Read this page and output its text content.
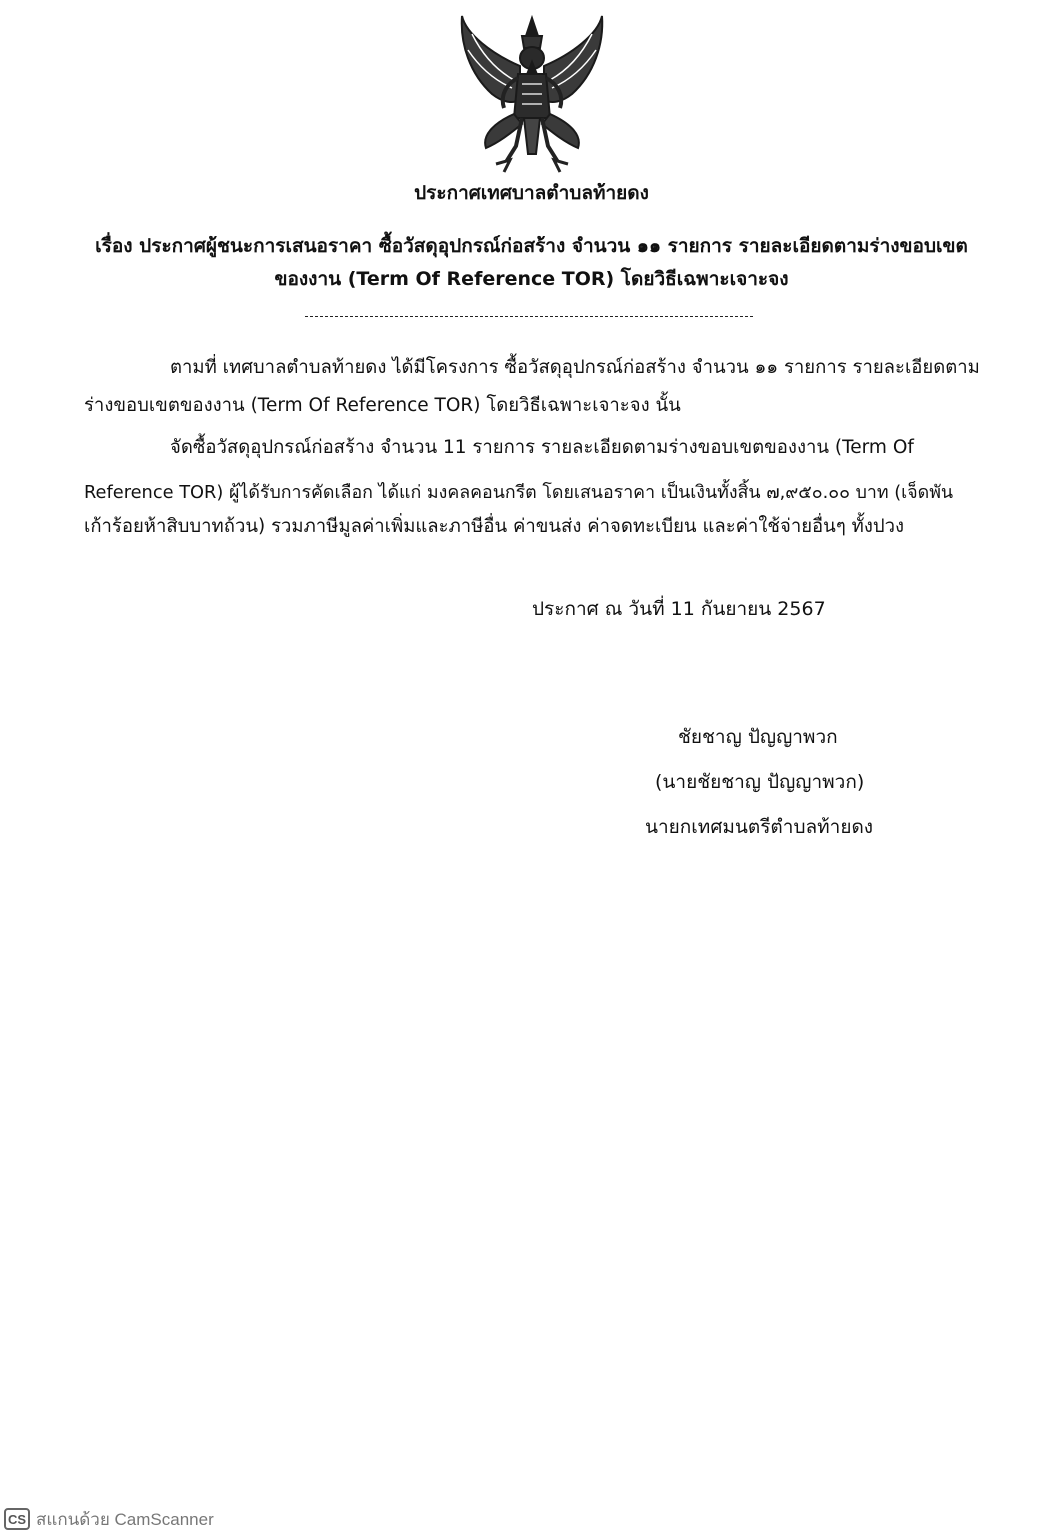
ประกาศเทศบาลตำบลท้ายดง
เรื่อง ประกาศผู้ชนะการเสนอราคา ซื้อวัสดุอุปกรณ์ก่อสร้าง จำนวน ๑๑ รายการ รายละเอียดตามร่างขอบเขต
ของงาน (Term Of Reference TOR) โดยวิธีเฉพาะเจาะจง
ตามที่ เทศบาลตำบลท้ายดง ได้มีโครงการ ซื้อวัสดุอุปกรณ์ก่อสร้าง จำนวน ๑๑ รายการ รายละเอียดตาม
ร่างขอบเขตของงาน (Term Of Reference TOR) โดยวิธีเฉพาะเจาะจง นั้น
จัดซื้อวัสดุอุปกรณ์ก่อสร้าง จำนวน 11 รายการ รายละเอียดตามร่างขอบเขตของงาน (Term Of
Reference TOR) ผู้ได้รับการคัดเลือก ได้แก่ มงคลคอนกรีต โดยเสนอราคา เป็นเงินทั้งสิ้น ๗,๙๕๐.๐๐ บาท (เจ็ดพัน
เก้าร้อยห้าสิบบาทถ้วน) รวมภาษีมูลค่าเพิ่มและภาษีอื่น ค่าขนส่ง ค่าจดทะเบียน และค่าใช้จ่ายอื่นๆ ทั้งปวง
ประกาศ ณ วันที่ 11 กันยายน 2567
ชัยชาญ ปัญญาพวก
(นายชัยชาญ ปัญญาพวก)
นายกเทศมนตรีตำบลท้ายดง
CS สแกนด้วย CamScanner
